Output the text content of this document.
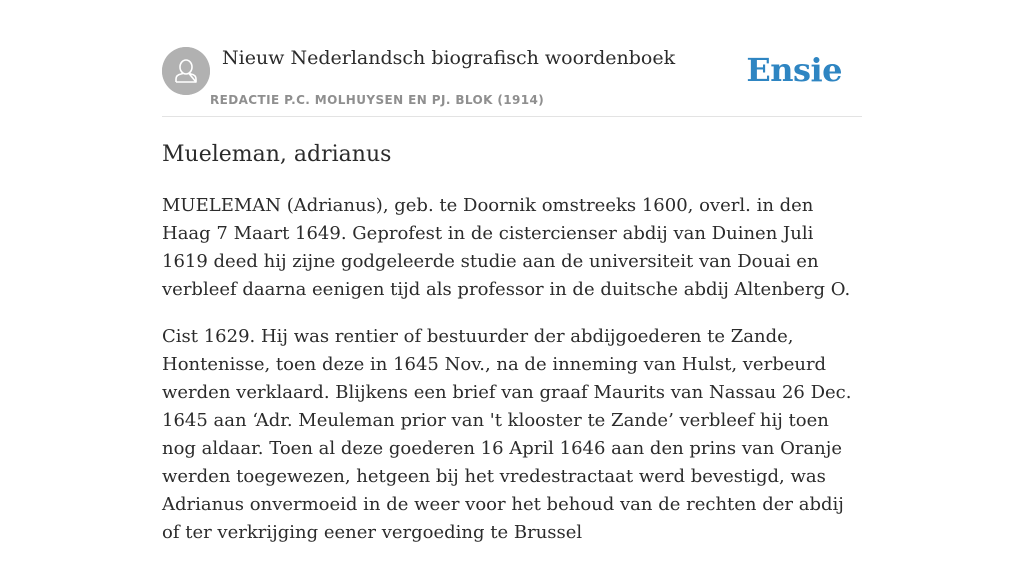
Nieuw Nederlandsch biografisch woordenboek
REDACTIE P.C. MOLHUYSEN EN PJ. BLOK (1914)
Ensie
Mueleman, adrianus

MUELEMAN (Adrianus), geb. te Doornik omstreeks 1600, overl. in den Haag 7 Maart 1649. Geprofest in de cistercienser abdij van Duinen Juli 1619 deed hij zijne godgeleerde studie aan de universiteit van Douai en verbleef daarna eenigen tijd als professor in de duitsche abdij Altenberg O.

Cist 1629. Hij was rentier of bestuurder der abdijgoederen te Zande, Hontenisse, toen deze in 1645 Nov., na de inneming van Hulst, verbeurd werden verklaard. Blijkens een brief van graaf Maurits van Nassau 26 Dec. 1645 aan ‘Adr. Meuleman prior van 't klooster te Zande’ verbleef hij toen nog aldaar. Toen al deze goederen 16 April 1646 aan den prins van Oranje werden toegewezen, hetgeen bij het vredestractaat werd bevestigd, was Adrianus onvermoeid in de weer voor het behoud van de rechten der abdij of ter verkrijging eener vergoeding te Brussel
